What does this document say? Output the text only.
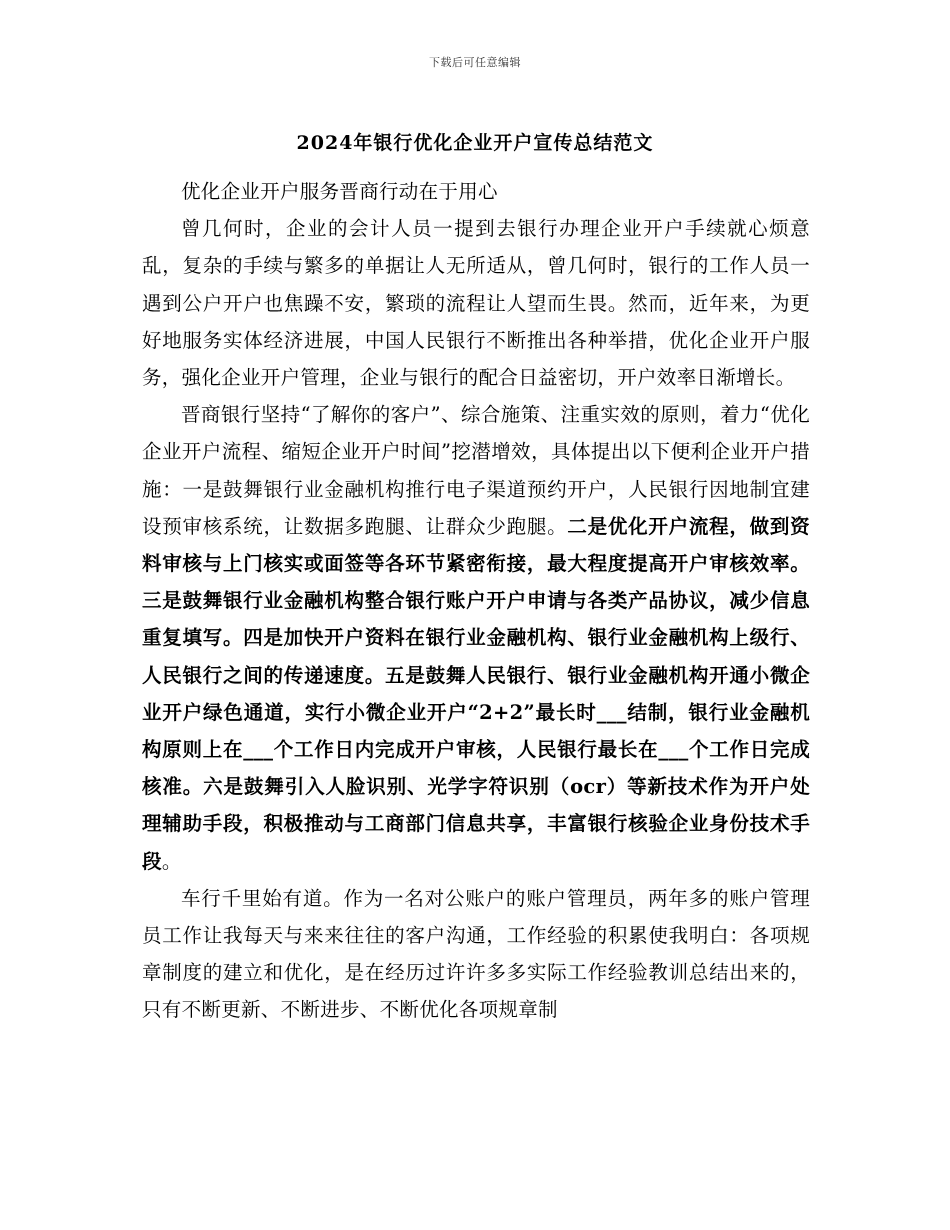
下载后可任意编辑
2024年银行优化企业开户宣传总结范文

优化企业开户服务晋商行动在于用心

曾几何时，企业的会计人员一提到去银行办理企业开户手续就心烦意乱，复杂的手续与繁多的单据让人无所适从，曾几何时，银行的工作人员一遇到公户开户也焦躁不安，繁琐的流程让人望而生畏。然而，近年来，为更好地服务实体经济进展，中国人民银行不断推出各种举措，优化企业开户服务，强化企业开户管理，企业与银行的配合日益密切，开户效率日渐增长。

晋商银行坚持“了解你的客户”、综合施策、注重实效的原则，着力“优化企业开户流程、缩短企业开户时间”挖潜增效，具体提出以下便利企业开户措施：一是鼓舞银行业金融机构推行电子渠道预约开户，人民银行因地制宜建设预审核系统，让数据多跑腿、让群众少跑腿。二是优化开户流程，做到资料审核与上门核实或面签等各环节紧密衔接，最大程度提高开户审核效率。三是鼓舞银行业金融机构整合银行账户开户申请与各类产品协议，减少信息重复填写。四是加快开户资料在银行业金融机构、银行业金融机构上级行、人民银行之间的传递速度。五是鼓舞人民银行、银行业金融机构开通小微企业开户绿色通道，实行小微企业开户“2+2”最长时___结制，银行业金融机构原则上在___个工作日内完成开户审核，人民银行最长在___个工作日完成核准。六是鼓舞引入人脸识别、光学字符识别（ocr）等新技术作为开户处理辅助手段，积极推动与工商部门信息共享，丰富银行核验企业身份技术手段。

车行千里始有道。作为一名对公账户的账户管理员，两年多的账户管理员工作让我每天与来来往往的客户沟通，工作经验的积累使我明白：各项规章制度的建立和优化，是在经历过许许多多实际工作经验教训总结出来的，只有不断更新、不断进步、不断优化各项规章制
